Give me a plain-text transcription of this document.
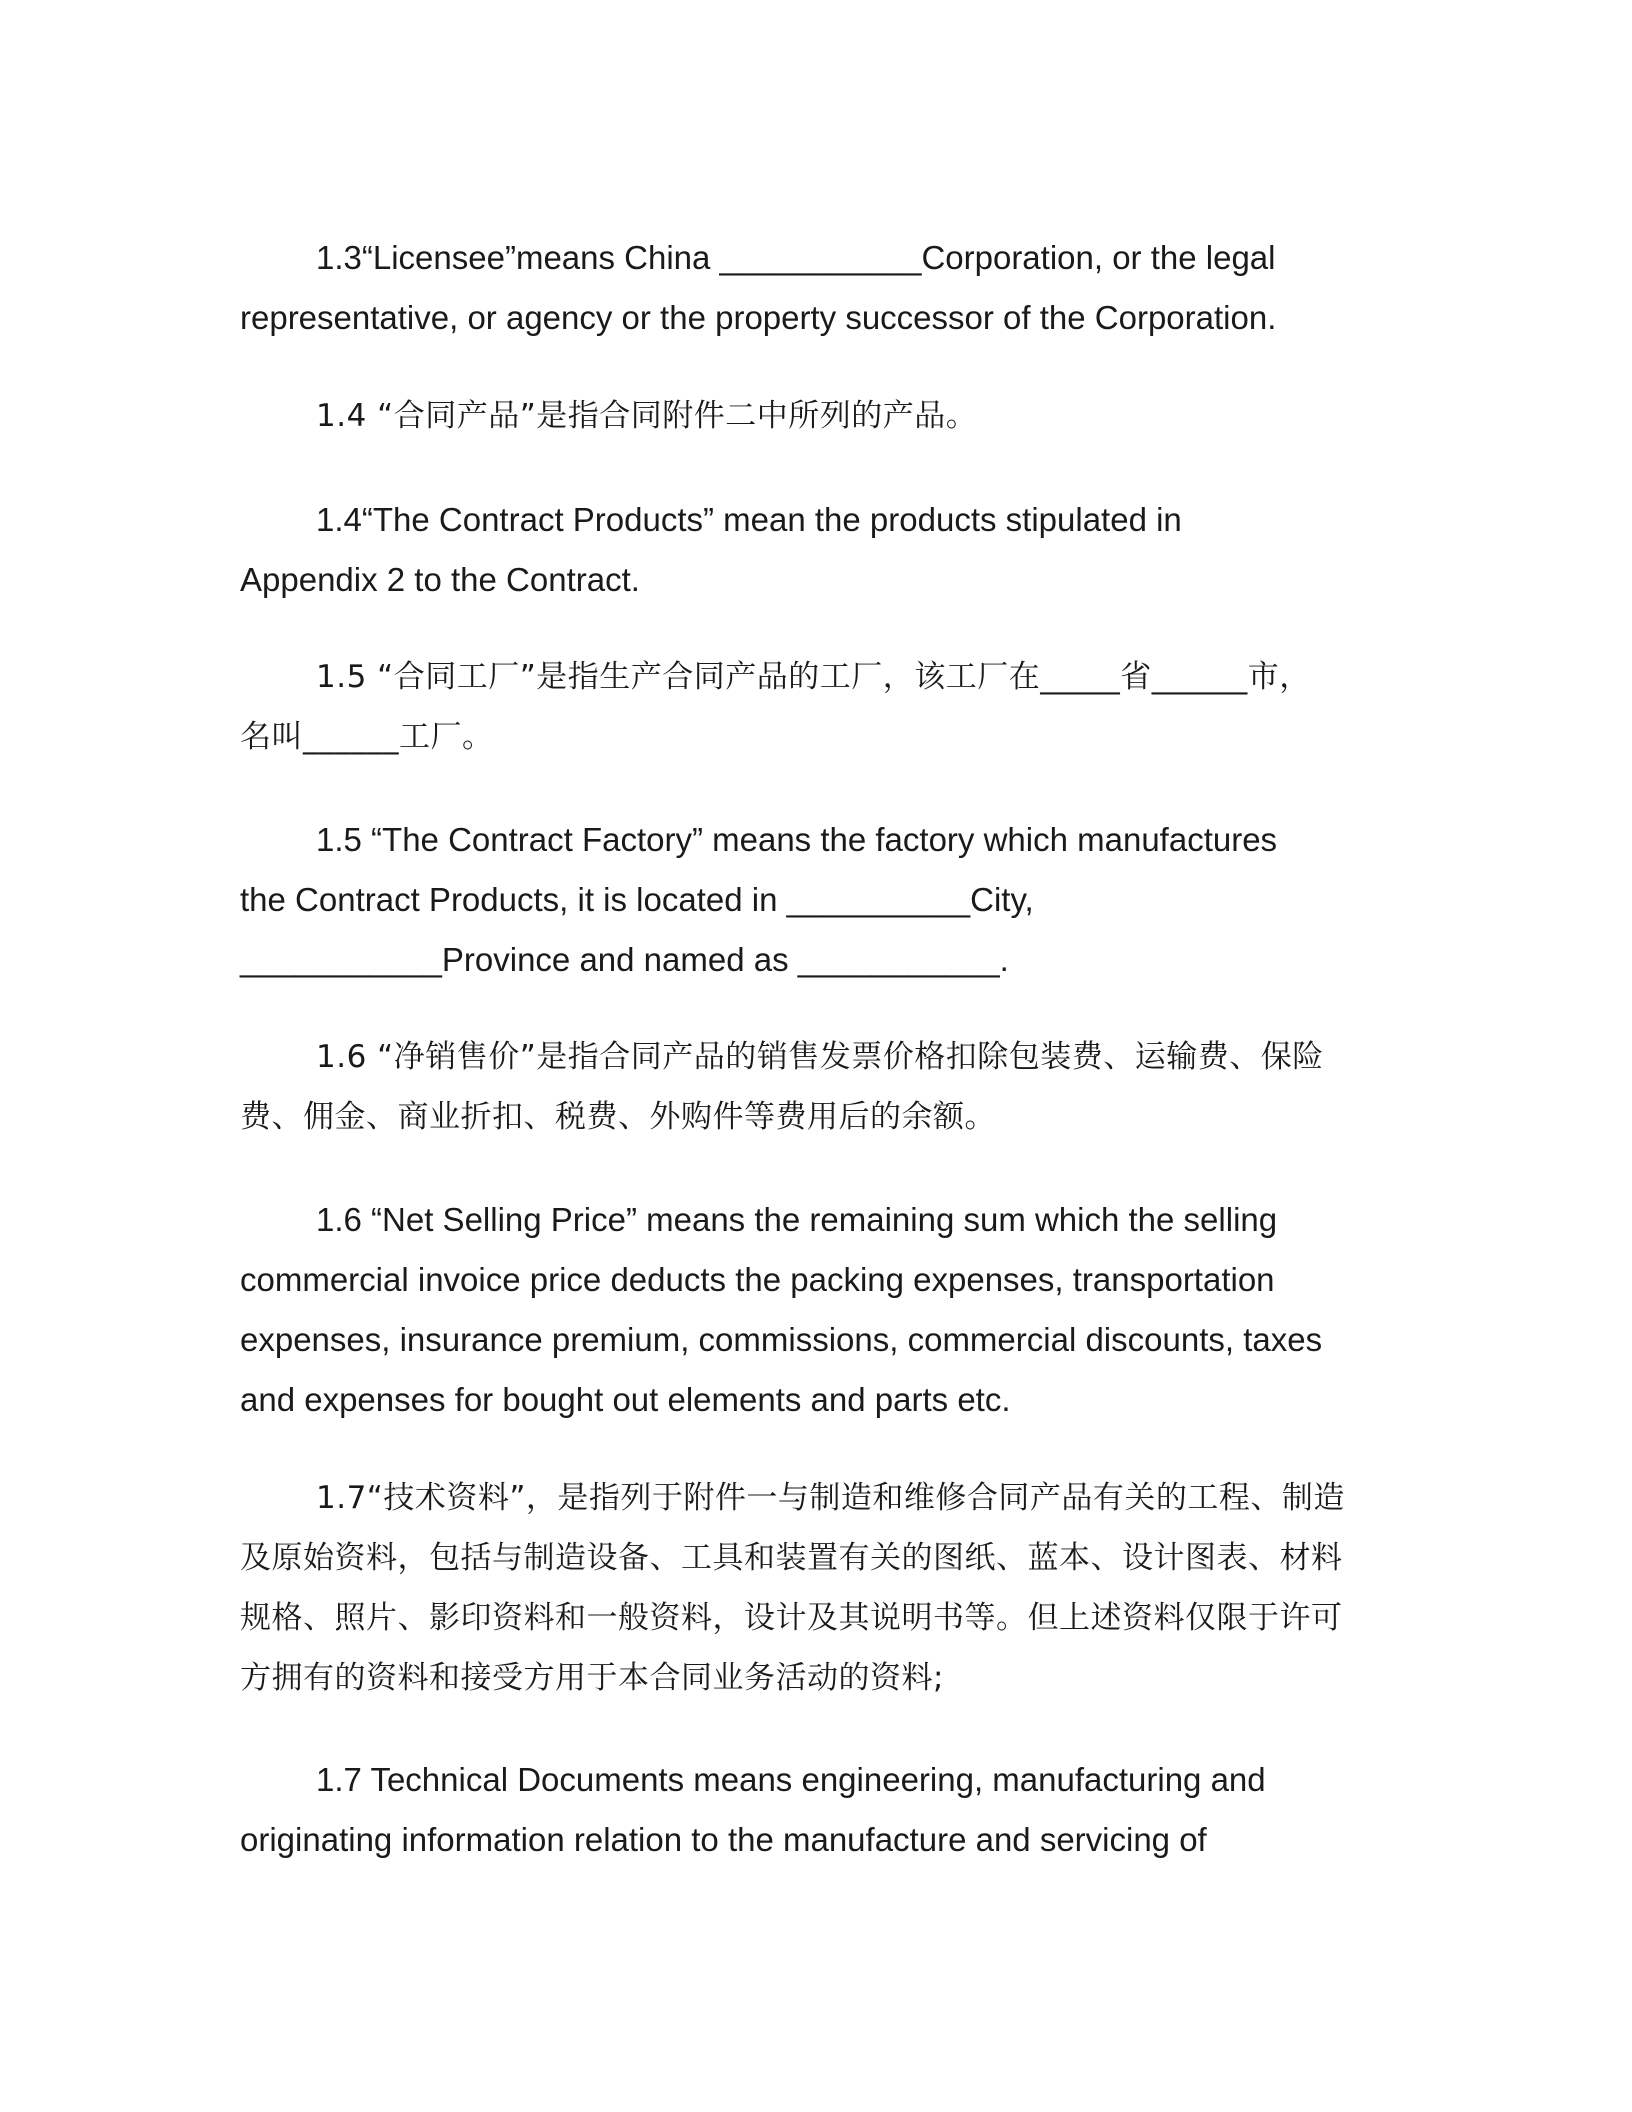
1.3“Licensee”means China ___________Corporation, or the legal
representative, or agency or the property successor of the Corporation.

1.4 “合同产品”是指合同附件二中所列的产品。

1.4“The Contract Products” mean the products stipulated in
Appendix 2 to the Contract.

1.5 “合同工厂”是指生产合同产品的工厂，该工厂在_____省______市，
名叫______工厂。

1.5 “The Contract Factory” means the factory which manufactures
the Contract Products, it is located in __________City,
___________Province and named as ___________.

1.6 “净销售价”是指合同产品的销售发票价格扣除包装费、运输费、保险
费、佣金、商业折扣、税费、外购件等费用后的余额。

1.6 “Net Selling Price” means the remaining sum which the selling
commercial invoice price deducts the packing expenses, transportation
expenses, insurance premium, commissions, commercial discounts, taxes
and expenses for bought out elements and parts etc.

1.7“技术资料”，是指列于附件一与制造和维修合同产品有关的工程、制造
及原始资料，包括与制造设备、工具和装置有关的图纸、蓝本、设计图表、材料
规格、照片、影印资料和一般资料，设计及其说明书等。但上述资料仅限于许可
方拥有的资料和接受方用于本合同业务活动的资料;

1.7 Technical Documents means engineering, manufacturing and
originating information relation to the manufacture and servicing of
